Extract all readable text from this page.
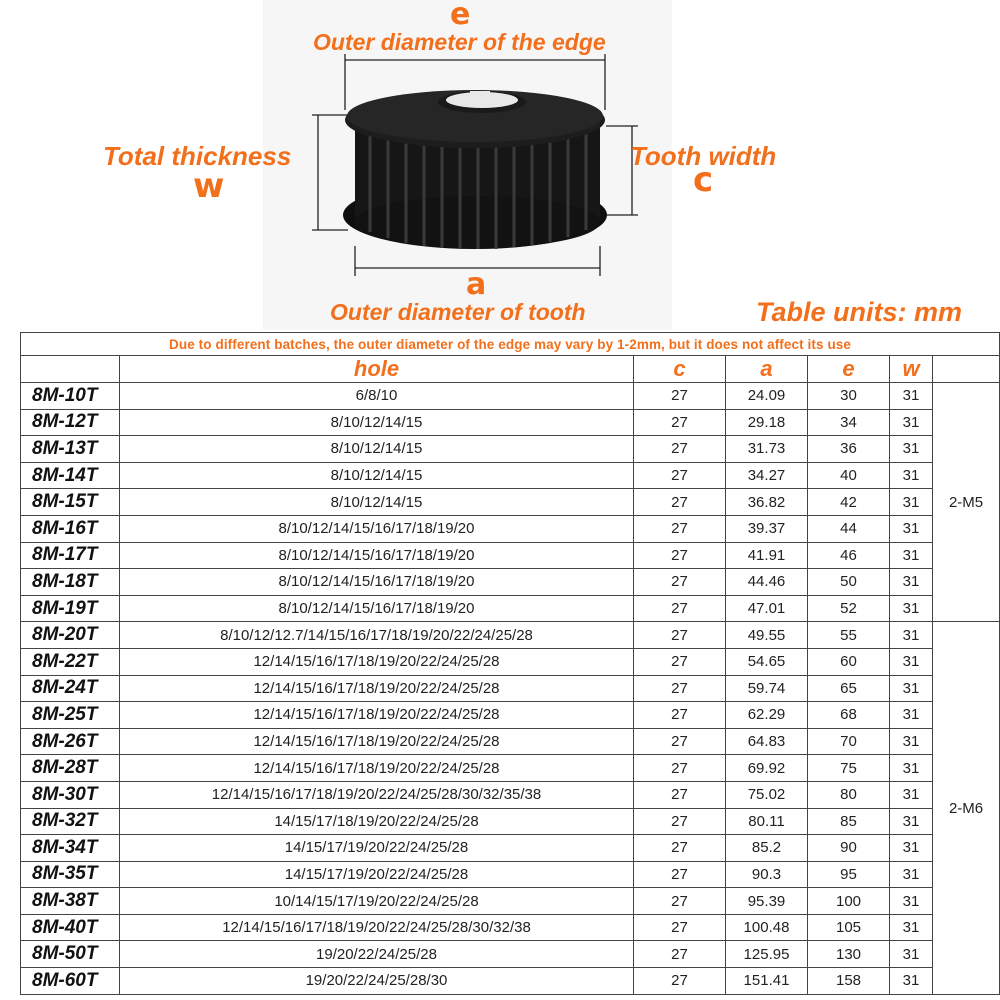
e
Outer diameter of the edge
Total thickness
w
Tooth width
c
a
Outer diameter of tooth	Table units: mm
Due to different batches, the outer diameter of the edge may vary by 1-2mm, but it does not affect its use						
	hole	c	a	e	w	
8M-10T	6/8/10	27	24.09	30	31	2-M5
8M-12T	8/10/12/14/15	27	29.18	34	31	
8M-13T	8/10/12/14/15	27	31.73	36	31	
8M-14T	8/10/12/14/15	27	34.27	40	31	
8M-15T	8/10/12/14/15	27	36.82	42	31	
8M-16T	8/10/12/14/15/16/17/18/19/20	27	39.37	44	31	
8M-17T	8/10/12/14/15/16/17/18/19/20	27	41.91	46	31	
8M-18T	8/10/12/14/15/16/17/18/19/20	27	44.46	50	31	
8M-19T	8/10/12/14/15/16/17/18/19/20	27	47.01	52	31	
8M-20T	8/10/12/12.7/14/15/16/17/18/19/20/22/24/25/28	27	49.55	55	31	2-M6
8M-22T	12/14/15/16/17/18/19/20/22/24/25/28	27	54.65	60	31	
8M-24T	12/14/15/16/17/18/19/20/22/24/25/28	27	59.74	65	31	
8M-25T	12/14/15/16/17/18/19/20/22/24/25/28	27	62.29	68	31	
8M-26T	12/14/15/16/17/18/19/20/22/24/25/28	27	64.83	70	31	
8M-28T	12/14/15/16/17/18/19/20/22/24/25/28	27	69.92	75	31	
8M-30T	12/14/15/16/17/18/19/20/22/24/25/28/30/32/35/38	27	75.02	80	31	
8M-32T	14/15/17/18/19/20/22/24/25/28	27	80.11	85	31	
8M-34T	14/15/17/19/20/22/24/25/28	27	85.2	90	31	
8M-35T	14/15/17/19/20/22/24/25/28	27	90.3	95	31	
8M-38T	10/14/15/17/19/20/22/24/25/28	27	95.39	100	31	
8M-40T	12/14/15/16/17/18/19/20/22/24/25/28/30/32/38	27	100.48	105	31	
8M-50T	19/20/22/24/25/28	27	125.95	130	31	
8M-60T	19/20/22/24/25/28/30	27	151.41	158	31	
